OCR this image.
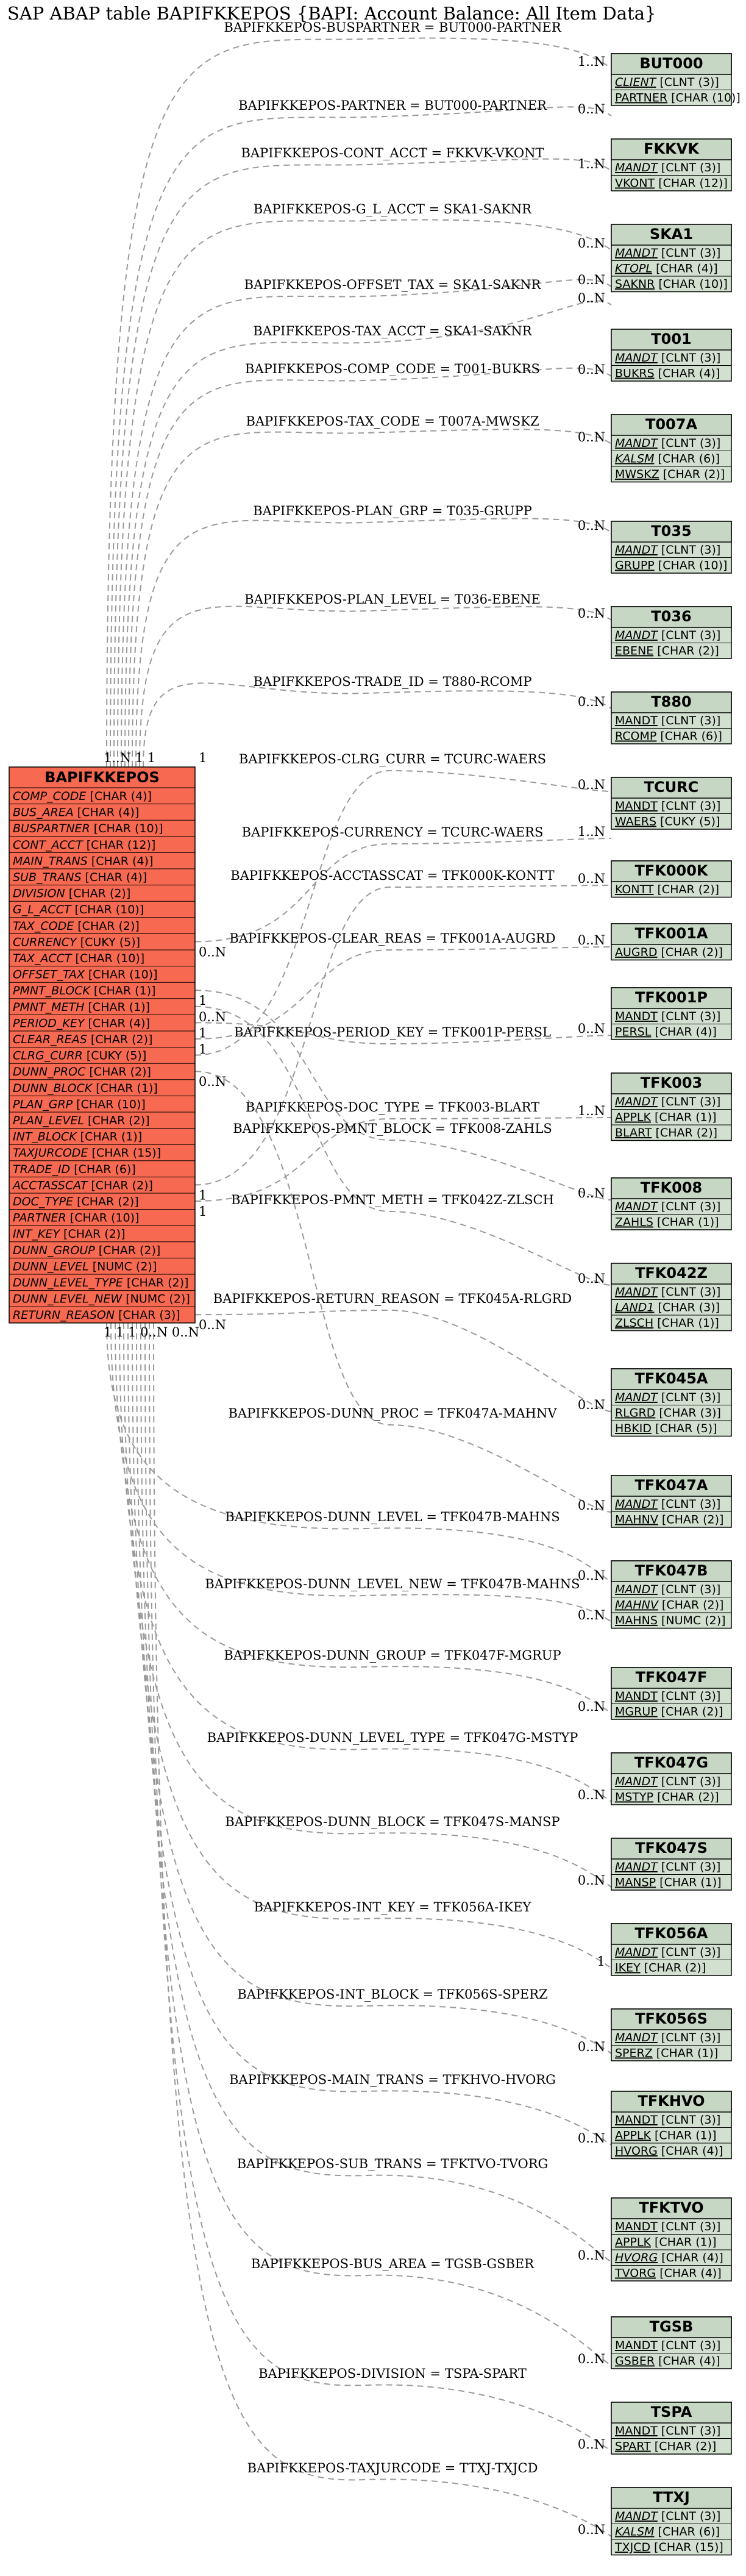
SAP ABAP table BAPIFKKEPOS {BAPI: Account Balance: All Item Data}
BAPIFKKEPOS-BUSPARTNER = BUT000-PARTNER
1..N
BAPIFKKEPOS-PARTNER = BUT000-PARTNER 0..N
BAPIFKKEPOS-CONT_ACCT = FKKVK-VKONT
1..N
BAPIFKKEPOS-G_L_ACCT = SKA1-SAKNR
0..N
BAPIFKKEPOS-OFFSET_TAX = SKA1-SAKNR	0..N
BAPIFKKEPOS-TAX_ACCT = SKA1-SAKNR
0..N
BAPIFKKEPOS-COMP_CODE = T001-BUKRS	0..N
BAPIFKKEPOS-TAX_CODE = T007A-MWSKZ
0..N
BAPIFKKEPOS-PLAN_GRP = T035-GRUPP
0..N
BAPIFKKEPOS-PLAN_LEVEL = T036-EBENE
0..N
BAPIFKKEPOS-TRADE_ID = T880-RCOMP
0..N
1	BAPIFKKEPOS-CLRG_CURR = TCURC-WAERS
0..N
BAPIFKKEPOS-CURRENCY = TCURC-WAERS	1..N
0..N
BAPIFKKEPOS-ACCTASSCAT = TFK000K-KONTT 0..N
1
BAPIFKKEPOS-CLEAR_REAS = TFK001A-AUGRD 0..N
1
BAPIFKKEPOS-PERIOD_KEY = TFK001P-PERSL 0..N
1
BAPIFKKEPOS-DOC_TYPE = TFK003-BLART	1..N
1
BAPIFKKEPOS-PMNT_BLOCK = TFK008-ZAHLS
0..N
1
BAPIFKKEPOS-PMNT_METH = TFK042Z-ZLSCH
0..N
0..N
BAPIFKKEPOS-RETURN_REASON = TFK045A-RLGRD
0..N
0..N
BAPIFKKEPOS-DUNN_PROC = TFK047A-MAHNV
0..N
0..N
BAPIFKKEPOS-DUNN_LEVEL = TFK047B-MAHNS
0..N
BAPIFKKEPOS-DUNN_LEVEL_NEW = TFK047B-MAHNS
0..N
BAPIFKKEPOS-DUNN_GROUP = TFK047F-MGRUP
0..N
BAPIFKKEPOS-DUNN_LEVEL_TYPE = TFK047G-MSTYP
0..N
BAPIFKKEPOS-DUNN_BLOCK = TFK047S-MANSP
0..N
BAPIFKKEPOS-INT_KEY = TFK056A-IKEY
1
BAPIFKKEPOS-INT_BLOCK = TFK056S-SPERZ
0..N
BAPIFKKEPOS-MAIN_TRANS = TFKHVO-HVORG
0..N
BAPIFKKEPOS-SUB_TRANS = TFKTVO-TVORG
0..N
BAPIFKKEPOS-BUS_AREA = TGSB-GSBER
0..N
BAPIFKKEPOS-DIVISION = TSPA-SPART
0..N
BAPIFKKEPOS-TAXJURCODE = TTXJ-TXJCD
0..N
BUT000
CLIENT [CLNT (3)]
PARTNER [CHAR (10)]
FKKVK
MANDT [CLNT (3)]
VKONT [CHAR (12)]
SKA1
MANDT [CLNT (3)]
KTOPL [CHAR (4)]
SAKNR [CHAR (10)]
T001
MANDT [CLNT (3)]
BUKRS [CHAR (4)]
T007A
MANDT [CLNT (3)]
KALSM [CHAR (6)]
MWSKZ [CHAR (2)]
T035
MANDT [CLNT (3)]
GRUPP [CHAR (10)]
T036
MANDT [CLNT (3)]
EBENE [CHAR (2)]
T880
MANDT [CLNT (3)]
RCOMP [CHAR (6)]
TCURC
MANDT [CLNT (3)]
WAERS [CUKY (5)]
TFK000K
KONTT [CHAR (2)]
TFK001A
AUGRD [CHAR (2)]
TFK001P
MANDT [CLNT (3)]
PERSL [CHAR (4)]
TFK003
MANDT [CLNT (3)]
APPLK [CHAR (1)]
BLART [CHAR (2)]
TFK008
MANDT [CLNT (3)]
ZAHLS [CHAR (1)]
TFK042Z
MANDT [CLNT (3)]
LAND1 [CHAR (3)]
ZLSCH [CHAR (1)]
TFK045A
MANDT [CLNT (3)]
RLGRD [CHAR (3)]
HBKID [CHAR (5)]
TFK047A
MANDT [CLNT (3)]
MAHNV [CHAR (2)]
TFK047B
MANDT [CLNT (3)]
MAHNV [CHAR (2)]
MAHNS [NUMC (2)]
TFK047F
MANDT [CLNT (3)]
MGRUP [CHAR (2)]
TFK047G
MANDT [CLNT (3)]
MSTYP [CHAR (2)]
TFK047S
MANDT [CLNT (3)]
MANSP [CHAR (1)]
TFK056A
MANDT [CLNT (3)]
IKEY [CHAR (2)]
TFK056S
MANDT [CLNT (3)]
SPERZ [CHAR (1)]
TFKHVO
MANDT [CLNT (3)]
APPLK [CHAR (1)]
HVORG [CHAR (4)]
TFKTVO
MANDT [CLNT (3)]
APPLK [CHAR (1)]
HVORG [CHAR (4)]
TVORG [CHAR (4)]
TGSB
MANDT [CLNT (3)]
GSBER [CHAR (4)]
TSPA
MANDT [CLNT (3)]
SPART [CHAR (2)]
TTXJ
MANDT [CLNT (3)]
KALSM [CHAR (6)]
TXJCD [CHAR (15)]
BAPIFKKEPOS
COMP_CODE [CHAR (4)]
BUS_AREA [CHAR (4)]
BUSPARTNER [CHAR (10)]
CONT_ACCT [CHAR (12)]
MAIN_TRANS [CHAR (4)]
SUB_TRANS [CHAR (4)]
DIVISION [CHAR (2)]
G_L_ACCT [CHAR (10)]
TAX_CODE [CHAR (2)]
CURRENCY [CUKY (5)]
TAX_ACCT [CHAR (10)]
OFFSET_TAX [CHAR (10)]
PMNT_BLOCK [CHAR (1)]
PMNT_METH [CHAR (1)]
PERIOD_KEY [CHAR (4)]
CLEAR_REAS [CHAR (2)]
CLRG_CURR [CUKY (5)]
DUNN_PROC [CHAR (2)]
DUNN_BLOCK [CHAR (1)]
PLAN_GRP [CHAR (10)]
PLAN_LEVEL [CHAR (2)]
INT_BLOCK [CHAR (1)]
TAXJURCODE [CHAR (15)]
TRADE_ID [CHAR (6)]
ACCTASSCAT [CHAR (2)]
DOC_TYPE [CHAR (2)]
PARTNER [CHAR (10)]
INT_KEY [CHAR (2)]
DUNN_GROUP [CHAR (2)]
DUNN_LEVEL [NUMC (2)]
DUNN_LEVEL_TYPE [CHAR (2)]
DUNN_LEVEL_NEW [NUMC (2)]
RETURN_REASON [CHAR (3)]
1..N 1 1
1 1 1 0..N 0..N
